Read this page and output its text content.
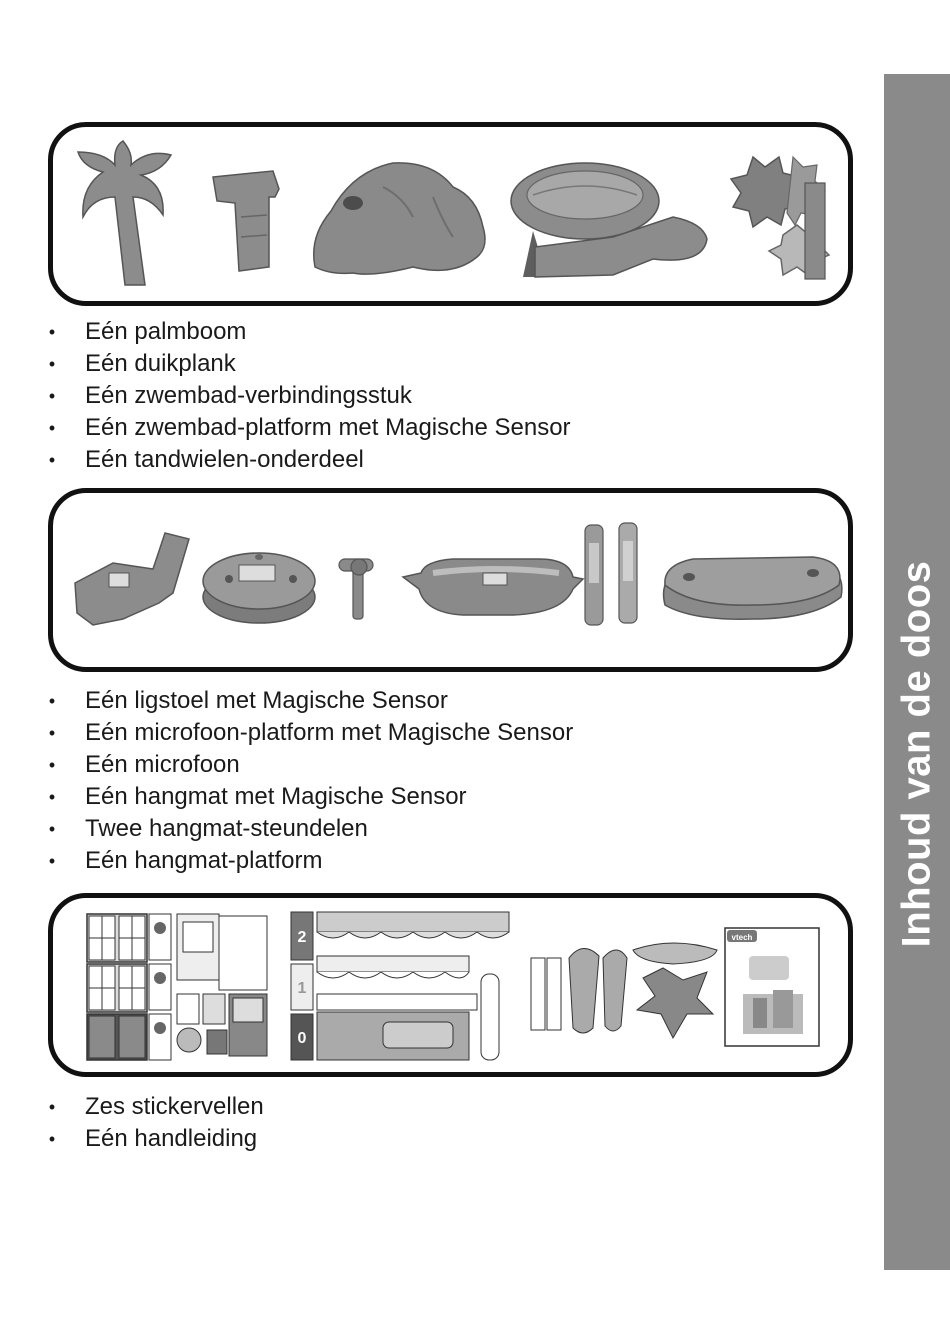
Inhoud van de doos
• Eén palmboom
• Eén duikplank
• Eén zwembad-verbindingsstuk
• Eén zwembad-platform met Magische Sensor
• Eén tandwielen-onderdeel
• Eén ligstoel met Magische Sensor
• Eén microfoon-platform met Magische Sensor
• Eén microfoon
• Eén hangmat met Magische Sensor
• Twee hangmat-steundelen
• Eén hangmat-platform
2
1
0
vtech
• Zes stickervellen
• Eén handleiding
